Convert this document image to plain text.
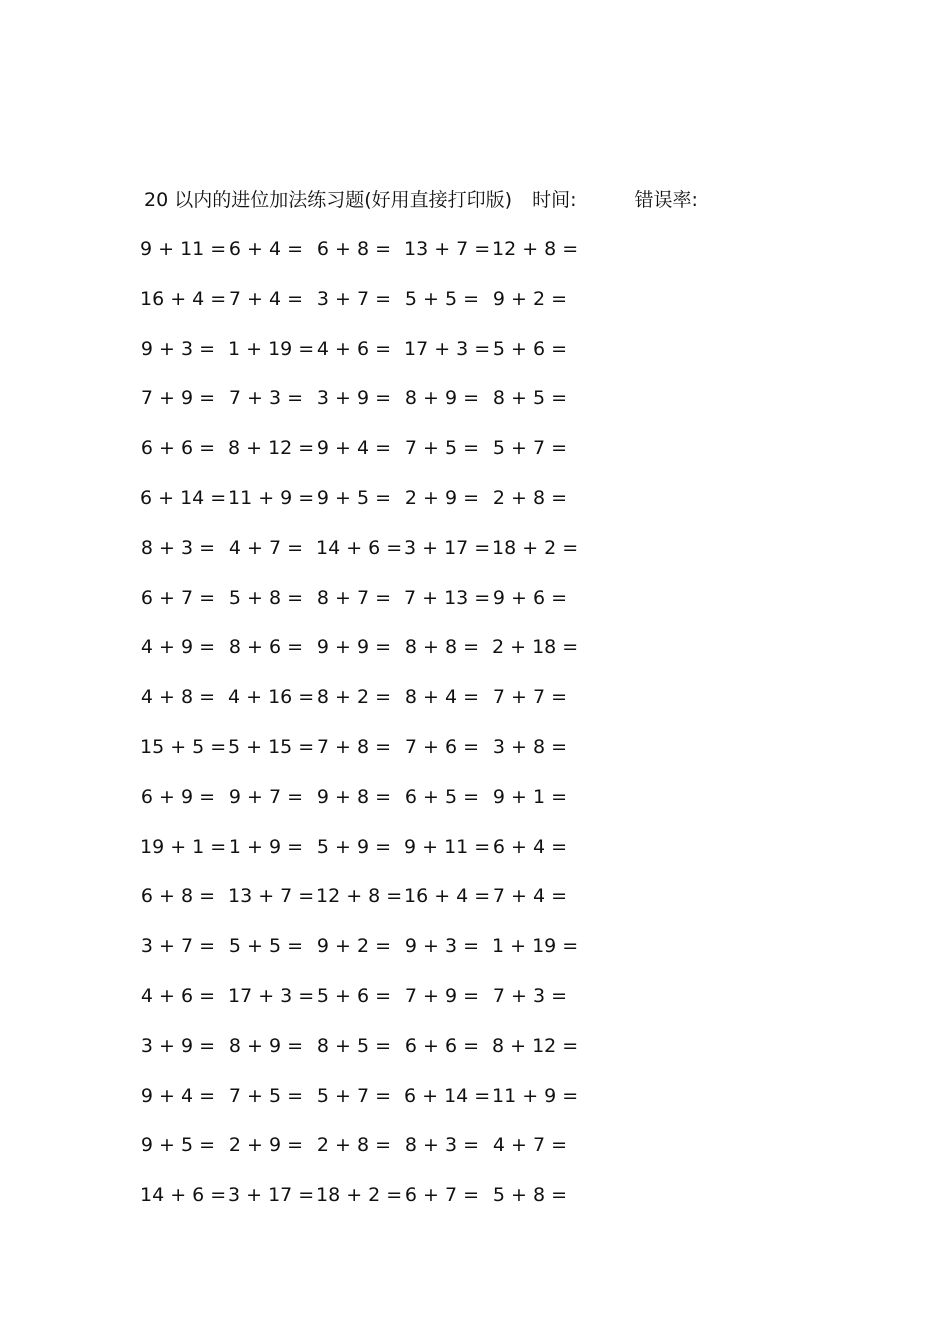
20 以内的进位加法练习题(好用直接打印版) 时间:	错误率:
9 + 11 = 6 + 4 = 6 + 8 = 13 + 7 = 12 + 8 =
16 + 4 = 7 + 4 = 3 + 7 = 5 + 5 = 9 + 2 =
9 + 3 = 1 + 19 = 4 + 6 = 17 + 3 = 5 + 6 =
7 + 9 = 7 + 3 = 3 + 9 = 8 + 9 = 8 + 5 =
6 + 6 = 8 + 12 = 9 + 4 = 7 + 5 = 5 + 7 =
6 + 14 = 11 + 9 = 9 + 5 = 2 + 9 = 2 + 8 =
8 + 3 = 4 + 7 = 14 + 6 = 3 + 17 = 18 + 2 =
6 + 7 = 5 + 8 = 8 + 7 = 7 + 13 = 9 + 6 =
4 + 9 = 8 + 6 = 9 + 9 = 8 + 8 = 2 + 18 =
4 + 8 = 4 + 16 = 8 + 2 = 8 + 4 = 7 + 7 =
15 + 5 = 5 + 15 = 7 + 8 = 7 + 6 = 3 + 8 =
6 + 9 = 9 + 7 = 9 + 8 = 6 + 5 = 9 + 1 =
19 + 1 = 1 + 9 = 5 + 9 = 9 + 11 = 6 + 4 =
6 + 8 = 13 + 7 = 12 + 8 = 16 + 4 = 7 + 4 =
3 + 7 = 5 + 5 = 9 + 2 = 9 + 3 = 1 + 19 =
4 + 6 = 17 + 3 = 5 + 6 = 7 + 9 = 7 + 3 =
3 + 9 = 8 + 9 = 8 + 5 = 6 + 6 = 8 + 12 =
9 + 4 = 7 + 5 = 5 + 7 = 6 + 14 = 11 + 9 =
9 + 5 = 2 + 9 = 2 + 8 = 8 + 3 = 4 + 7 =
14 + 6 = 3 + 17 = 18 + 2 = 6 + 7 = 5 + 8 =
